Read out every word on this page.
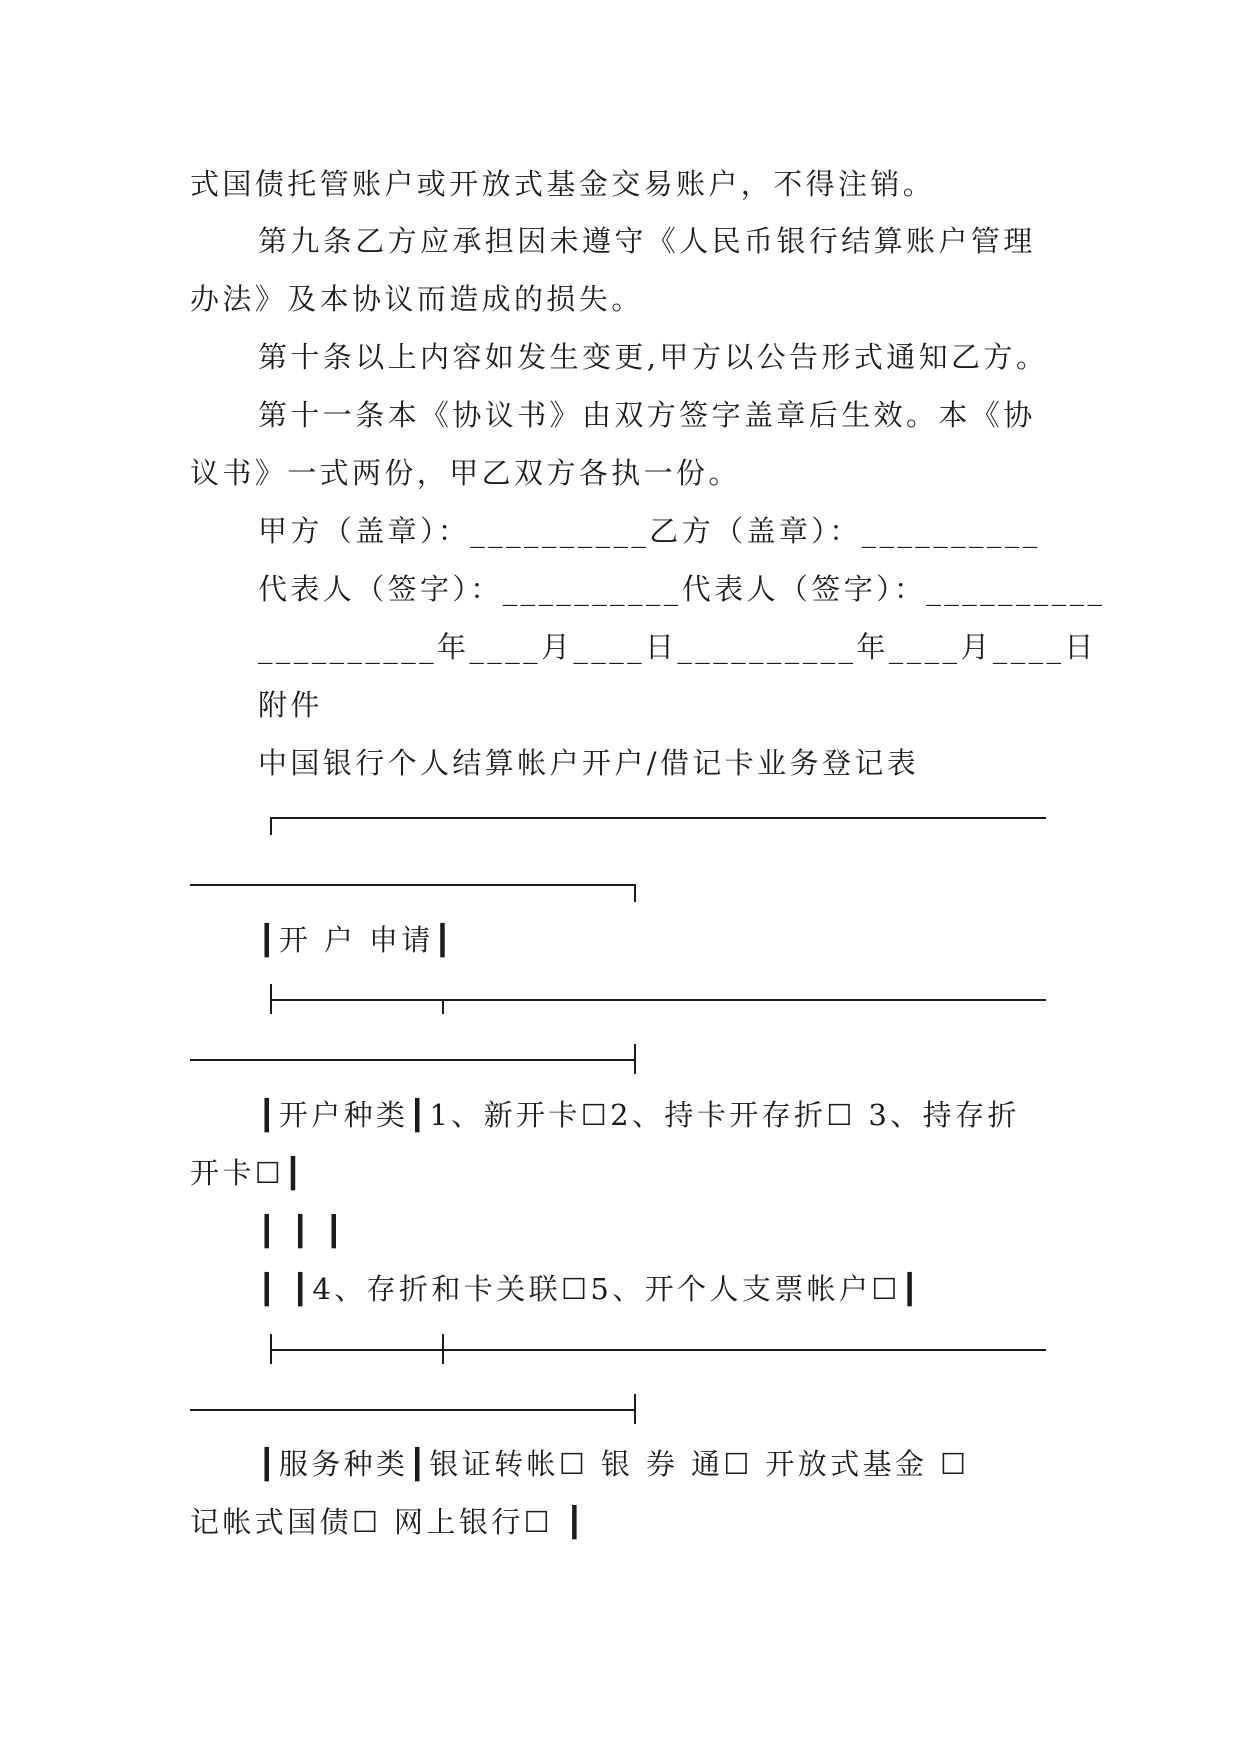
式国债托管账户或开放式基金交易账户，不得注销。
第九条乙方应承担因未遵守《人民币银行结算账户管理
办法》及本协议而造成的损失。
第十条以上内容如发生变更,甲方以公告形式通知乙方。
第十一条本《协议书》由双方签字盖章后生效。本《协
议书》一式两份，甲乙双方各执一份。
甲方（盖章）：__________乙方（盖章）：__________
代表人（签字）：__________代表人（签字）：__________
__________年____月____日__________年____月____日
附件
中国银行个人结算帐户开户/借记卡业务登记表
┃开 户 申请┃
┃开户种类┃1、新开卡☐2、持卡开存折☐ 3、持存折
开卡☐┃
┃ ┃ ┃
┃ ┃4、存折和卡关联☐5、开个人支票帐户☐┃
┃服务种类┃银证转帐☐ 银 券 通☐ 开放式基金 ☐
记帐式国债☐ 网上银行☐ ┃
